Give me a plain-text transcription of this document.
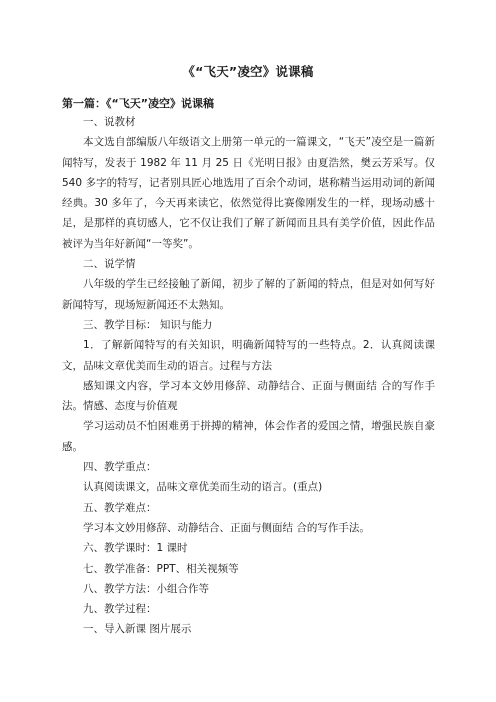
《“飞天”凌空》说课稿
第一篇：《“飞天”凌空》说课稿

一、说教材

本文选自部编版八年级语文上册第一单元的一篇课文，“飞天”凌空是一篇新闻特写，发表于 1982 年 11 月 25 日《光明日报》由夏浩然，樊云芳采写。仅 540 多字的特写，记者别具匠心地选用了百余个动词，堪称精当运用动词的新闻经典。30 多年了，今天再来读它，依然觉得比赛像刚发生的一样，现场动感十足，是那样的真切感人，它不仅让我们了解了新闻而且具有美学价值，因此作品被评为当年好新闻“一等奖”。

二、说学情

八年级的学生已经接触了新闻，初步了解的了新闻的特点，但是对如何写好新闻特写，现场短新闻还不太熟知。

三、教学目标： 知识与能力

1．了解新闻特写的有关知识，明确新闻特写的一些特点。2．认真阅读课文，品味文章优美而生动的语言。过程与方法

感知课文内容，学习本文妙用修辞、动静结合、正面与侧面结 合的写作手法。情感、态度与价值观

学习运动员不怕困难勇于拼搏的精神，体会作者的爱国之情，增强民族自豪感。

四、教学重点：

认真阅读课文，品味文章优美而生动的语言。(重点)

五、教学难点：

学习本文妙用修辞、动静结合、正面与侧面结 合的写作手法。

六、教学课时：1 课时

七、教学准备：PPT、相关视频等

八、教学方法：小组合作等

九、教学过程：

一、导入新课 图片展示
